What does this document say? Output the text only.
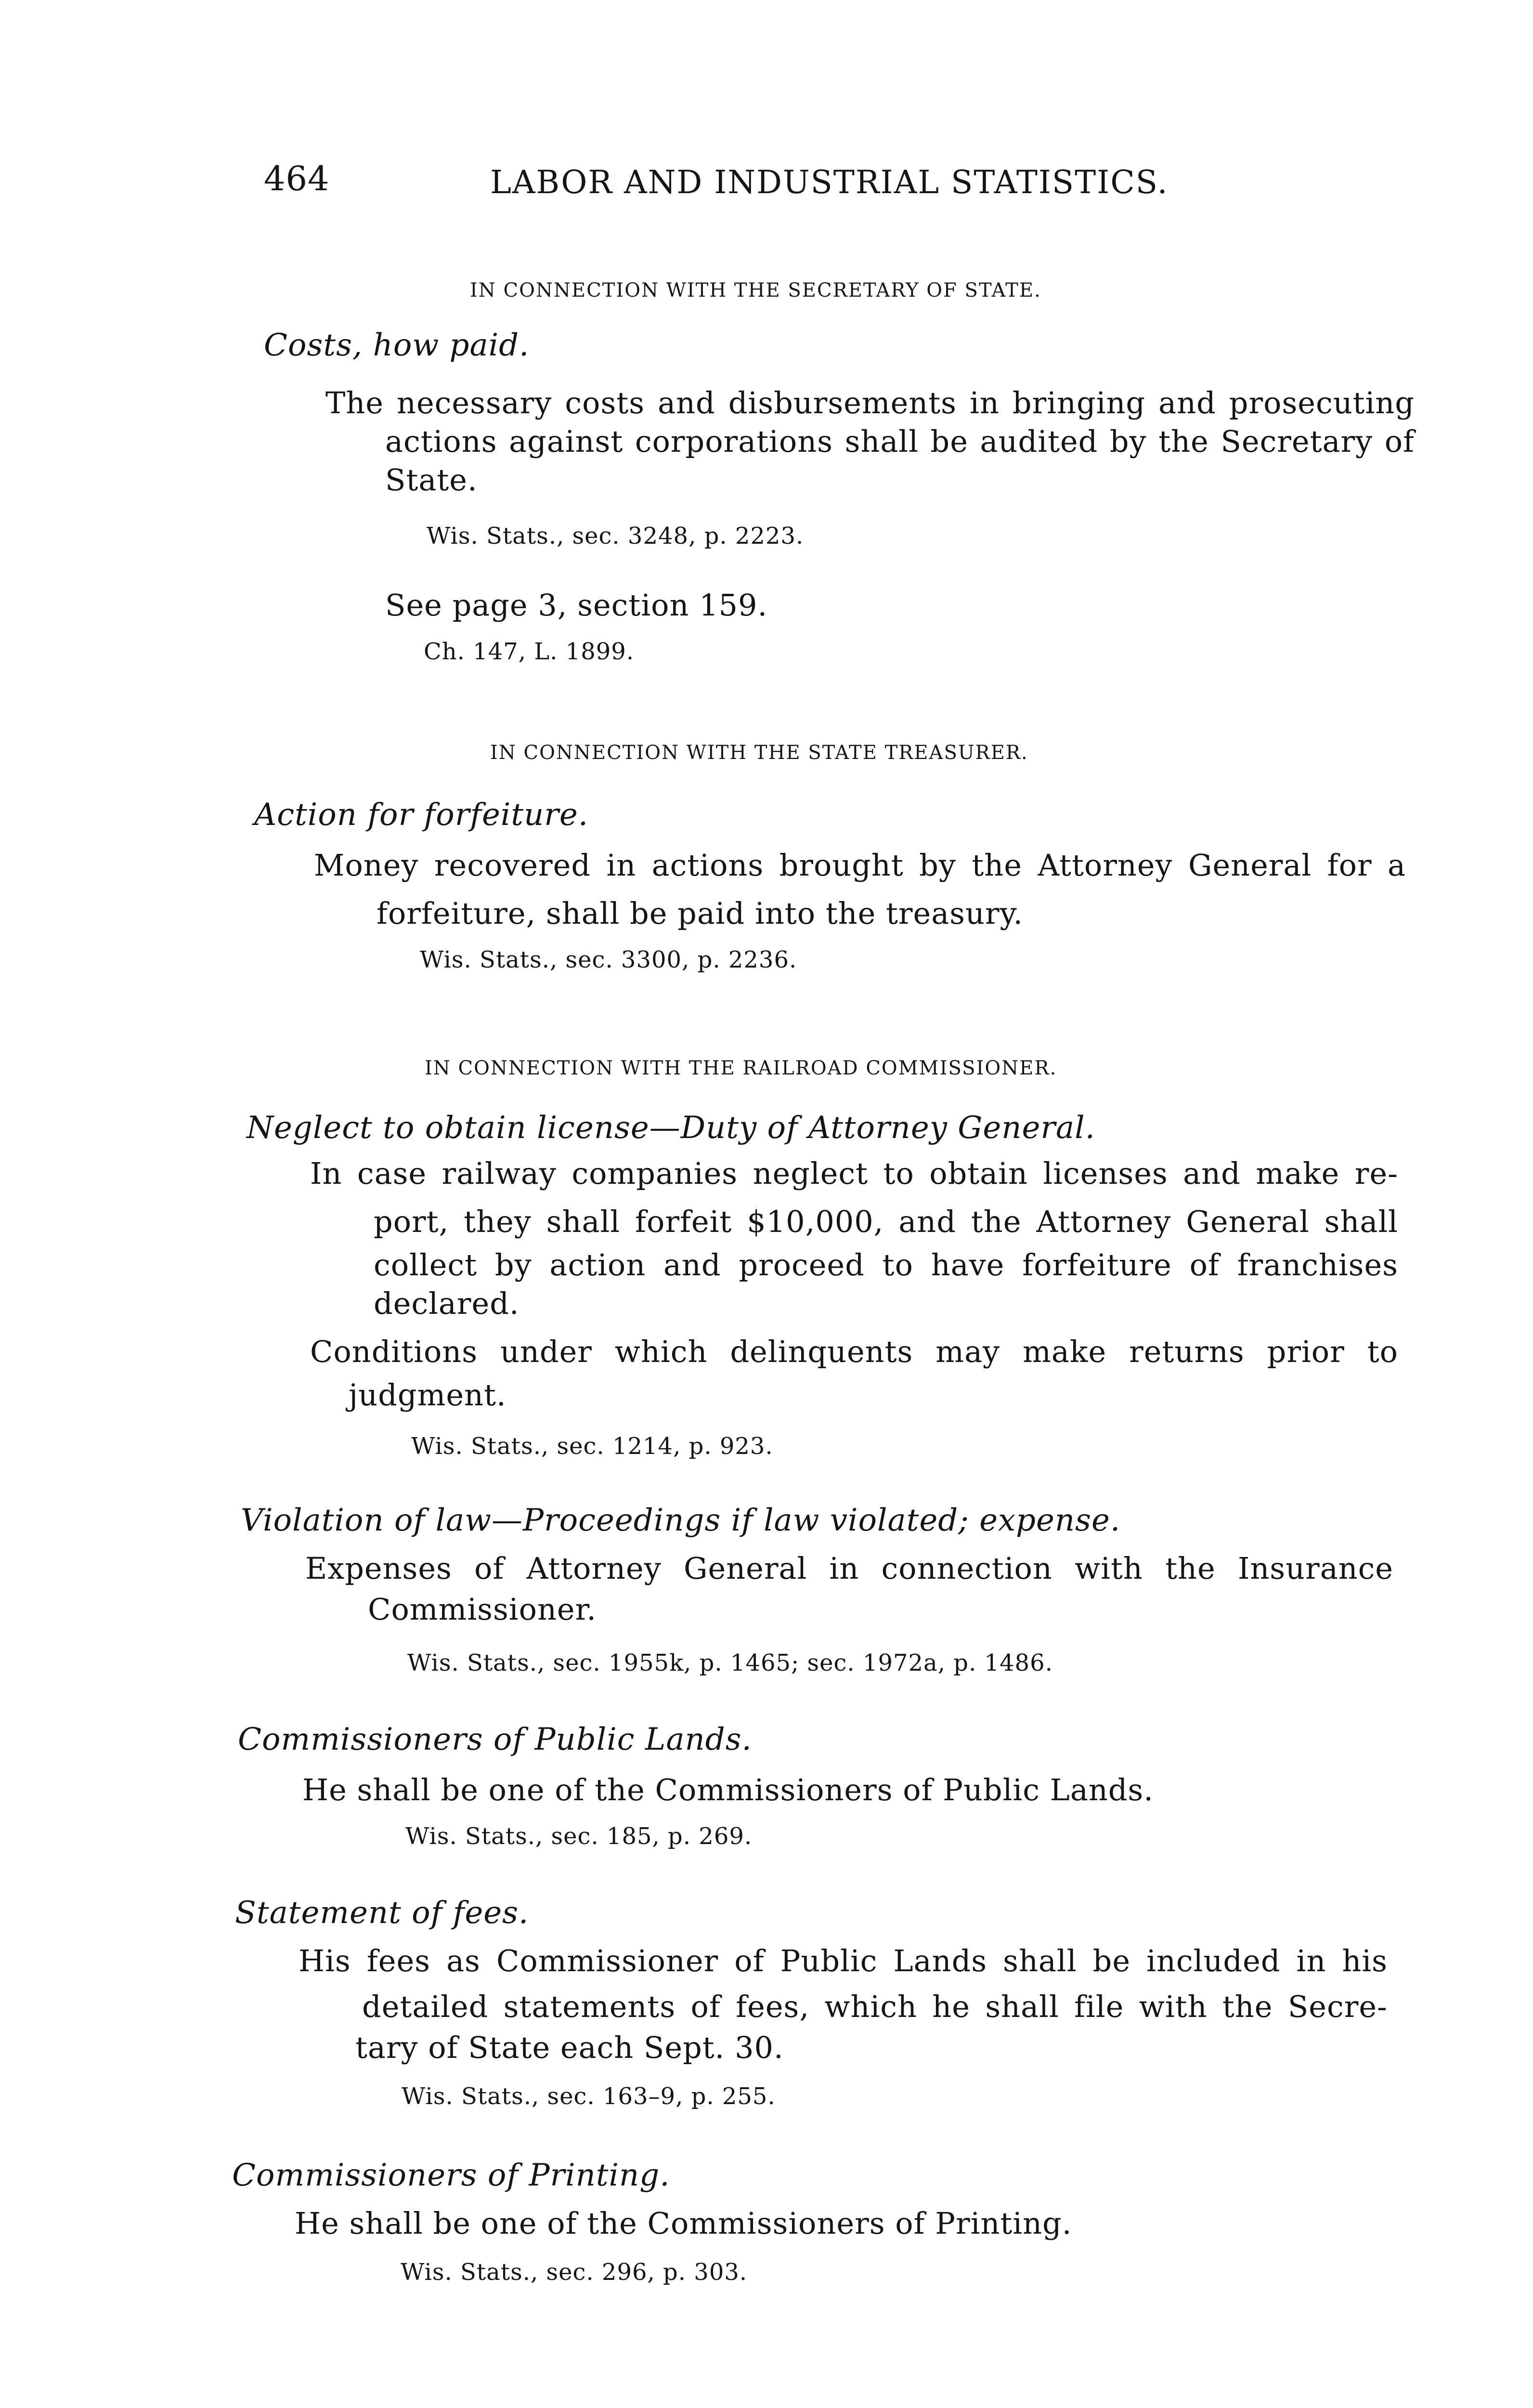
464	LABOR AND INDUSTRIAL STATISTICS.
IN CONNECTION WITH THE SECRETARY OF STATE.
Costs, how paid.
The necessary costs and disbursements in bringing and prosecuting
actions against corporations shall be audited by the Secretary of
State.
Wis. Stats., sec. 3248, p. 2223.
See page 3, section 159.
Ch. 147, L. 1899.
IN CONNECTION WITH THE STATE TREASURER.
Action for forfeiture.
Money recovered in actions brought by the Attorney General for a
forfeiture, shall be paid into the treasury.
Wis. Stats., sec. 3300, p. 2236.
IN CONNECTION WITH THE RAILROAD COMMISSIONER.
Neglect to obtain license—Duty of Attorney General.
In case railway companies neglect to obtain licenses and make re-
port, they shall forfeit $10,000, and the Attorney General shall
collect by action and proceed to have forfeiture of franchises
declared.
Conditions under which delinquents may make returns prior to
judgment.
Wis. Stats., sec. 1214, p. 923.
Violation of law—Proceedings if law violated; expense.
Expenses of Attorney General in connection with the Insurance
Commissioner.
Wis. Stats., sec. 1955k, p. 1465; sec. 1972a, p. 1486.
Commissioners of Public Lands.
He shall be one of the Commissioners of Public Lands.
Wis. Stats., sec. 185, p. 269.
Statement of fees.
His fees as Commissioner of Public Lands shall be included in his
detailed statements of fees, which he shall file with the Secre-
tary of State each Sept. 30.
Wis. Stats., sec. 163–9, p. 255.
Commissioners of Printing.
He shall be one of the Commissioners of Printing.
Wis. Stats., sec. 296, p. 303.
